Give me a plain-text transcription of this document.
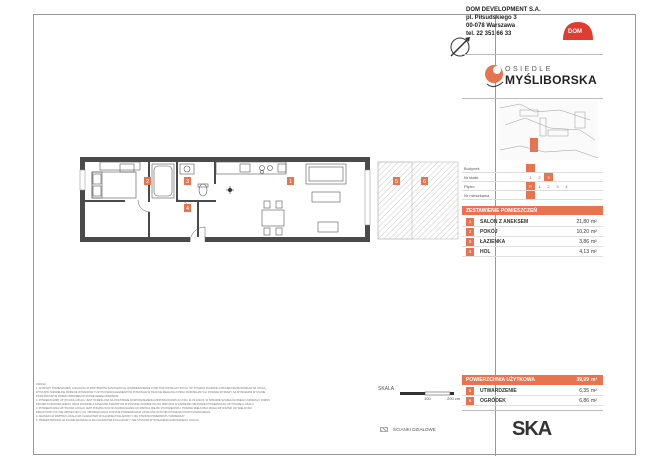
2	3	1
4
5	6
100	200 cm
DOM DEVELOPMENT S.A.
pl. Piłsudskiego 3
00-078 Warszawa
tel. 22 351 66 33	DOM
OSIEDLE
MYŚLIBORSKA
Budynek
Nr klatki	1	2	3
Piętro	P	1	2	3	4
Nr mieszkania
ZESTAWIENIE POMIESZCZEŃ
1	SALON Z ANEKSEM	21,80 m²
2	POKÓJ	10,20 m²
3	ŁAZIENKA	3,86 m²
4	HOL	4,13 m²
POWIERZCHNIA UŻYTKOWA	39,99 m²
5	UTWARDZENIE	6,35 m²
6	OGRÓDEK	6,86 m²
SKA
UWAGA:
1. WYMIARY POMIESZCZEŃ, LOKALIZACJA PRZYBORÓW SANITARNYCH, ROZMIESZCZENIE PUNKTÓW INSTALACYJNYCH ITP. PODANO ZGODNIE Z PROJEKTEM BUDOWLANYM. MOGĄ
WYSTĄPIĆ NIEWIELKIE RÓŻNICE WYMIARÓW I USYTUOWANIA ELEMENTÓW POWSTAŁE W TRAKCIE REALIZACJI PRAC BUDOWLANYCH. PODANE WYMIARY SĄ WYMIARAMI W STANIE
PODSTAWOWYM PRZED ODBIOREM W STANIE DEWELOPERSKIM.
2. POWIERZCHNIĘ UŻYTKOWĄ LOKALU JEST OKREŚLONA NA PODSTAWIE ROZPORZĄDZENIA MINISTRA ROZWOJU Z DN. 11.09.2020 R. W SPRAWIE SZCZEGÓŁOWEGO ZAKRESU I FORMY
PROJEKTU BUDOWLANEGO ORAZ ZGODNIE Z ZASADAMI ZAWARTYMI W POLSKIEJ NORMIE PN-ISO 9836:2015 W ZAKRESIE OBLICZANIA POWIERZCHNI UŻYTKOWEJ LOKALU.
3. POWIERZCHNIA UŻYTKOWA LOKALU JEST PODANA W M² W ZAOKRĄGLENIU DO DWÓCH MIEJSC PO PRZECINKU. PODANE WIELKOŚCI MOGĄ SIĘ RÓŻNIĆ OD WIELKOŚCI
RZECZYWISTYCH NIE WIĘCEJ NIŻ O 2%. OBOWIĄZUJĄCĄ ZOSTAJE POWIERZCHNIA USTALONA W WYNIKU POMIARU POWYKONAWCZEGO.
4. ARANŻACJA WNĘTRZ LOKALU MA CHARAKTER WYŁĄCZNIE POGLĄDOWY I NIE STANOWI PRZEDMIOTU SPRZEDAŻY.
5. PRZEDSTAWIONA NA PLANIE ARANŻACJA MA CHARAKTER POGLĄDOWY I NIE STANOWI WYPOSAŻENIA NABYWANEGO LOKALU.
SKALA
ŚCIANKI DZIAŁOWE
